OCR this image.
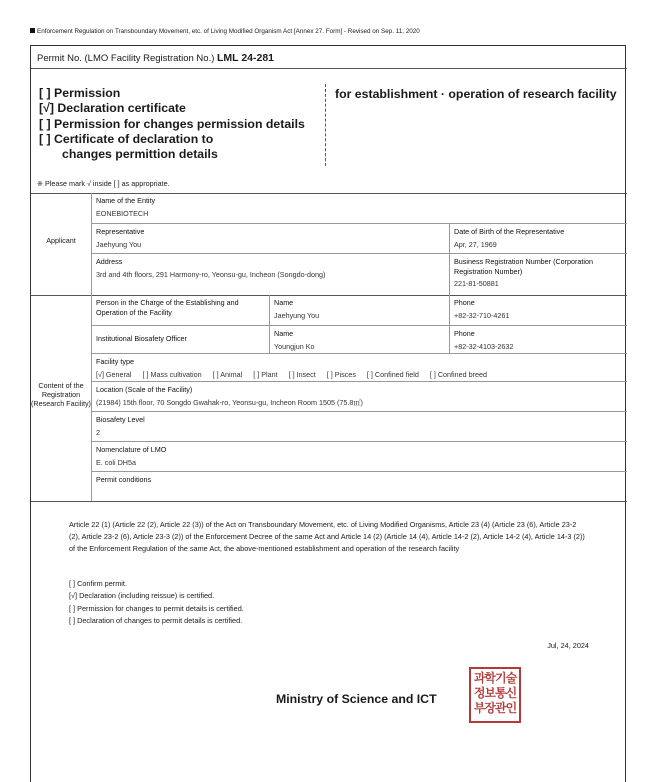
Enforcement Regulation on Transboundary Movement, etc. of Living Modified Organism Act [Annex 27. Form] - Revised on Sep. 11, 2020
Permit No. (LMO Facility Registration No.) LML 24-281
[ ] Permission
[√] Declaration certificate
[ ] Permission for changes permission details
[ ] Certificate of declaration to
changes permittion details
for establishment · operation of research facility
※ Please mark √ inside [ ] as appropriate.
Applicant
Name of the Entity
EONEBIOTECH
Representative
Jaehyung You
Date of Birth of the Representative
Apr, 27, 1969
Address
3rd and 4th floors, 291 Harmony-ro, Yeonsu-gu, Incheon (Songdo-dong)
Business Registration Number (Corporation Registration Number)
221-81-50881
Content of the Registration (Research Facility)
Person in the Charge of the Establishing and Operation of the Facility
Name
Jaehyung You
Phone
+82-32-710-4261
Institutional Biosafety Officer
Name
Youngjun Ko
Phone
+82-32-4103-2632
Facility type
[√] General [ ] Mass cultivation [ ] Animal [ ] Plant [ ] Insect [ ] Pisces [ ] Confined field [ ] Confined breed
Location (Scale of the Facility)
(21984) 15th floor, 70 Songdo Gwahak-ro, Yeonsu-gu, Incheon Room 1505 (75.8㎡)
Biosafety Level
2
Nomenclature of LMO
E. coli DH5a
Permit conditions
Article 22 (1) (Article 22 (2), Article 22 (3)) of the Act on Transboundary Movement, etc. of Living Modified Organisms, Article 23 (4) (Article 23 (6), Article 23-2 (2), Article 23-2 (6), Article 23-3 (2)) of the Enforcement Decree of the same Act and Article 14 (2) (Article 14 (4), Article 14-2 (2), Article 14-2 (4), Article 14-3 (2)) of the Enforcement Regulation of the same Act, the above-mentioned establishment and operation of the research facility
[ ] Confirm permit.
[√] Declaration (including reissue) is certified.
[ ] Permission for changes to permit details is certified.
[ ] Declaration of changes to permit details is certified.
Jul, 24, 2024
Ministry of Science and ICT
과학기술
정보통신
부장관인
